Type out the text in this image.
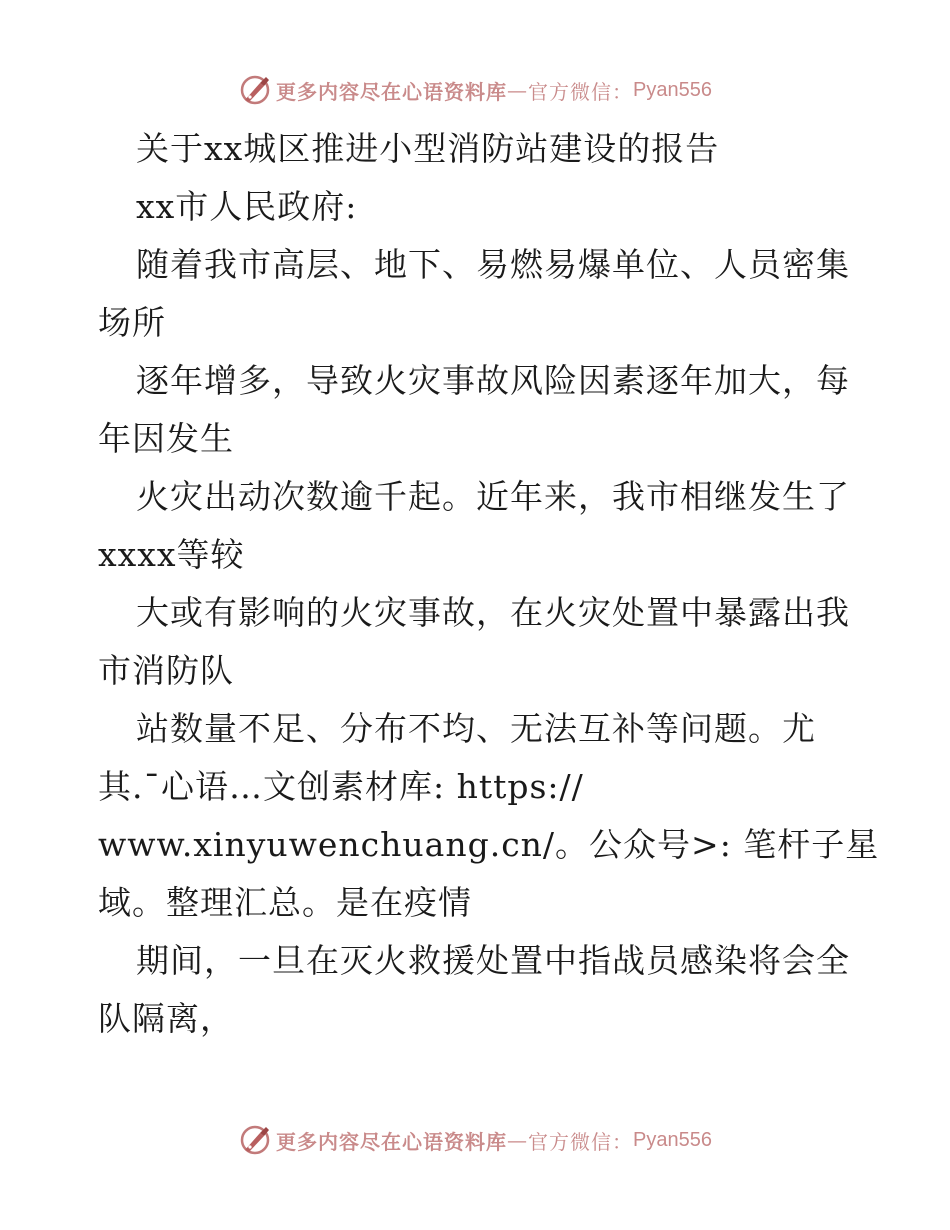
更多内容尽在心语资料库 — 官方微信： Pyan556
关于xx城区推进小型消防站建设的报告
xx市人民政府:
随着我市高层、地下、易燃易爆单位、人员密集
场所
逐年增多，导致火灾事故风险因素逐年加大，每
年因发生
火灾出动次数逾千起。近年来，我市相继发生了
xxxx等较
大或有影响的火灾事故，在火灾处置中暴露出我
市消防队
站数量不足、分布不均、无法互补等问题。尤
其.¯心语…文创素材库: https://
www.xinyuwenchuang.cn/。公众号>: 笔杆子星
域。整理汇总。是在疫情
期间，一旦在灭火救援处置中指战员感染将会全
队隔离，
更多内容尽在心语资料库 — 官方微信： Pyan556
